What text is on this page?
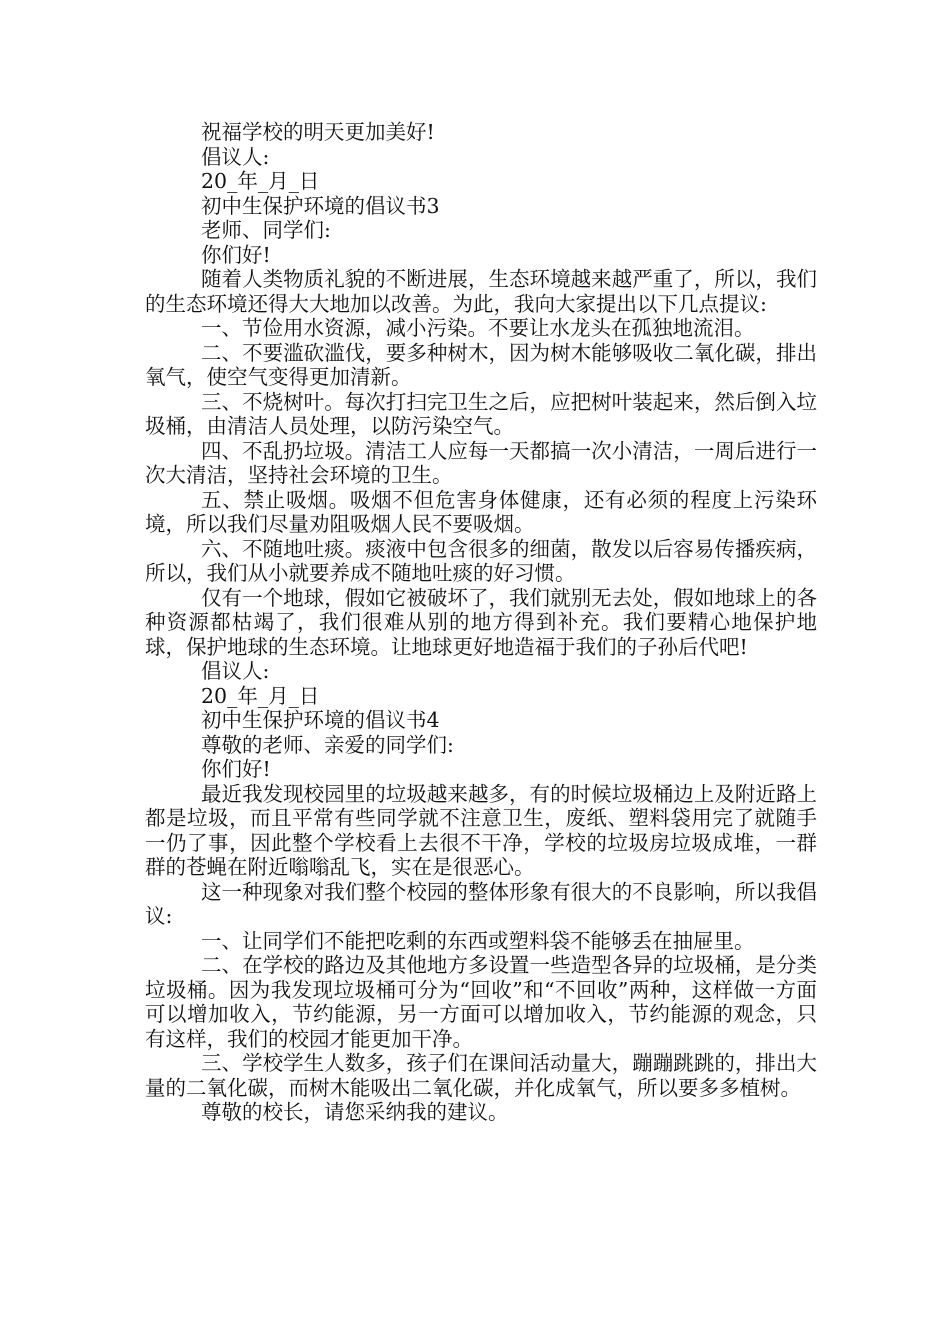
祝福学校的明天更加美好!
倡议人:
20_年_月_日
初中生保护环境的倡议书3
老师、同学们:
你们好!

随着人类物质礼貌的不断进展，生态环境越来越严重了，所以，我们的生态环境还得大大地加以改善。为此，我向大家提出以下几点提议:

一、节俭用水资源，减小污染。不要让水龙头在孤独地流泪。

二、不要滥砍滥伐，要多种树木，因为树木能够吸收二氧化碳，排出氧气，使空气变得更加清新。

三、不烧树叶。每次打扫完卫生之后，应把树叶装起来，然后倒入垃圾桶，由清洁人员处理，以防污染空气。

四、不乱扔垃圾。清洁工人应每一天都搞一次小清洁，一周后进行一次大清洁，坚持社会环境的卫生。

五、禁止吸烟。吸烟不但危害身体健康，还有必须的程度上污染环境，所以我们尽量劝阻吸烟人民不要吸烟。

六、不随地吐痰。痰液中包含很多的细菌，散发以后容易传播疾病，所以，我们从小就要养成不随地吐痰的好习惯。

仅有一个地球，假如它被破坏了，我们就别无去处，假如地球上的各种资源都枯竭了，我们很难从别的地方得到补充。我们要精心地保护地球，保护地球的生态环境。让地球更好地造福于我们的子孙后代吧!

倡议人:
20_年_月_日
初中生保护环境的倡议书4
尊敬的老师、亲爱的同学们:
你们好!

最近我发现校园里的垃圾越来越多，有的时候垃圾桶边上及附近路上都是垃圾，而且平常有些同学就不注意卫生，废纸、塑料袋用完了就随手一仍了事，因此整个学校看上去很不干净，学校的垃圾房垃圾成堆，一群群的苍蝇在附近嗡嗡乱飞，实在是很恶心。

这一种现象对我们整个校园的整体形象有很大的不良影响，所以我倡议:

一、让同学们不能把吃剩的东西或塑料袋不能够丢在抽屉里。

二、在学校的路边及其他地方多设置一些造型各异的垃圾桶，是分类垃圾桶。因为我发现垃圾桶可分为“回收”和“不回收”两种，这样做一方面可以增加收入，节约能源，另一方面可以增加收入，节约能源的观念，只有这样，我们的校园才能更加干净。

三、学校学生人数多，孩子们在课间活动量大，蹦蹦跳跳的，排出大量的二氧化碳，而树木能吸出二氧化碳，并化成氧气，所以要多多植树。

尊敬的校长，请您采纳我的建议。
